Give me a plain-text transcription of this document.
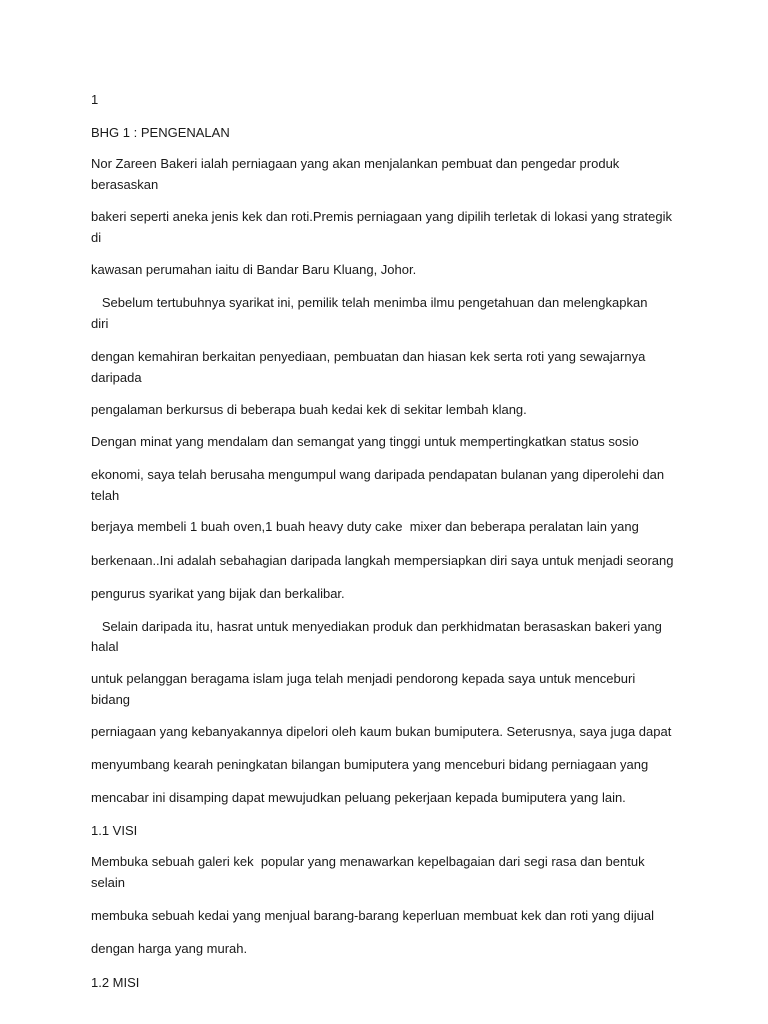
1
BHG 1 : PENGENALAN
Nor Zareen Bakeri ialah perniagaan yang akan menjalankan pembuat dan pengedar produk
berasaskan
bakeri seperti aneka jenis kek dan roti.Premis perniagaan yang dipilih terletak di lokasi yang strategik
di
kawasan perumahan iaitu di Bandar Baru Kluang, Johor.
Sebelum tertubuhnya syarikat ini, pemilik telah menimba ilmu pengetahuan dan melengkapkan
diri
dengan kemahiran berkaitan penyediaan, pembuatan dan hiasan kek serta roti yang sewajarnya
daripada
pengalaman berkursus di beberapa buah kedai kek di sekitar lembah klang.
Dengan minat yang mendalam dan semangat yang tinggi untuk mempertingkatkan status sosio
ekonomi, saya telah berusaha mengumpul wang daripada pendapatan bulanan yang diperolehi dan
telah
berjaya membeli 1 buah oven,1 buah heavy duty cake  mixer dan beberapa peralatan lain yang
berkenaan..Ini adalah sebahagian daripada langkah mempersiapkan diri saya untuk menjadi seorang
pengurus syarikat yang bijak dan berkalibar.
Selain daripada itu, hasrat untuk menyediakan produk dan perkhidmatan berasaskan bakeri yang
halal
untuk pelanggan beragama islam juga telah menjadi pendorong kepada saya untuk menceburi
bidang
perniagaan yang kebanyakannya dipelori oleh kaum bukan bumiputera. Seterusnya, saya juga dapat
menyumbang kearah peningkatan bilangan bumiputera yang menceburi bidang perniagaan yang
mencabar ini disamping dapat mewujudkan peluang pekerjaan kepada bumiputera yang lain.
1.1 VISI
Membuka sebuah galeri kek  popular yang menawarkan kepelbagaian dari segi rasa dan bentuk
selain
membuka sebuah kedai yang menjual barang-barang keperluan membuat kek dan roti yang dijual
dengan harga yang murah.
1.2 MISI
